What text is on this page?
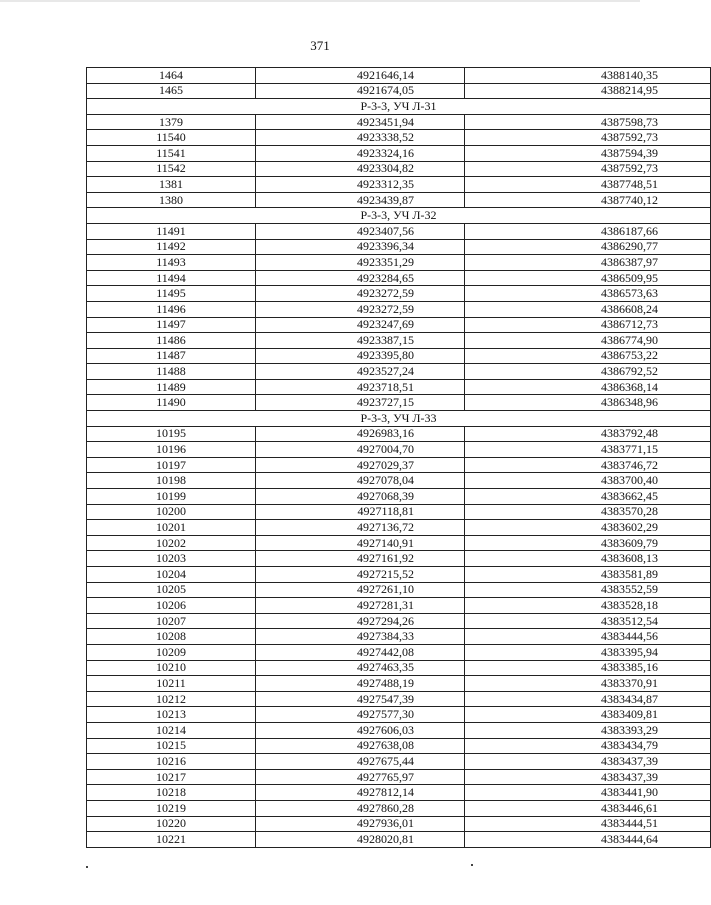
371
1464	4921646,14	4388140,35
1465	4921674,05	4388214,95
Р-3-3, УЧ Л-31		
1379	4923451,94	4387598,73
11540	4923338,52	4387592,73
11541	4923324,16	4387594,39
11542	4923304,82	4387592,73
1381	4923312,35	4387748,51
1380	4923439,87	4387740,12
Р-3-3, УЧ Л-32		
11491	4923407,56	4386187,66
11492	4923396,34	4386290,77
11493	4923351,29	4386387,97
11494	4923284,65	4386509,95
11495	4923272,59	4386573,63
11496	4923272,59	4386608,24
11497	4923247,69	4386712,73
11486	4923387,15	4386774,90
11487	4923395,80	4386753,22
11488	4923527,24	4386792,52
11489	4923718,51	4386368,14
11490	4923727,15	4386348,96
Р-3-3, УЧ Л-33		
10195	4926983,16	4383792,48
10196	4927004,70	4383771,15
10197	4927029,37	4383746,72
10198	4927078,04	4383700,40
10199	4927068,39	4383662,45
10200	4927118,81	4383570,28
10201	4927136,72	4383602,29
10202	4927140,91	4383609,79
10203	4927161,92	4383608,13
10204	4927215,52	4383581,89
10205	4927261,10	4383552,59
10206	4927281,31	4383528,18
10207	4927294,26	4383512,54
10208	4927384,33	4383444,56
10209	4927442,08	4383395,94
10210	4927463,35	4383385,16
10211	4927488,19	4383370,91
10212	4927547,39	4383434,87
10213	4927577,30	4383409,81
10214	4927606,03	4383393,29
10215	4927638,08	4383434,79
10216	4927675,44	4383437,39
10217	4927765,97	4383437,39
10218	4927812,14	4383441,90
10219	4927860,28	4383446,61
10220	4927936,01	4383444,51
10221	4928020,81	4383444,64
